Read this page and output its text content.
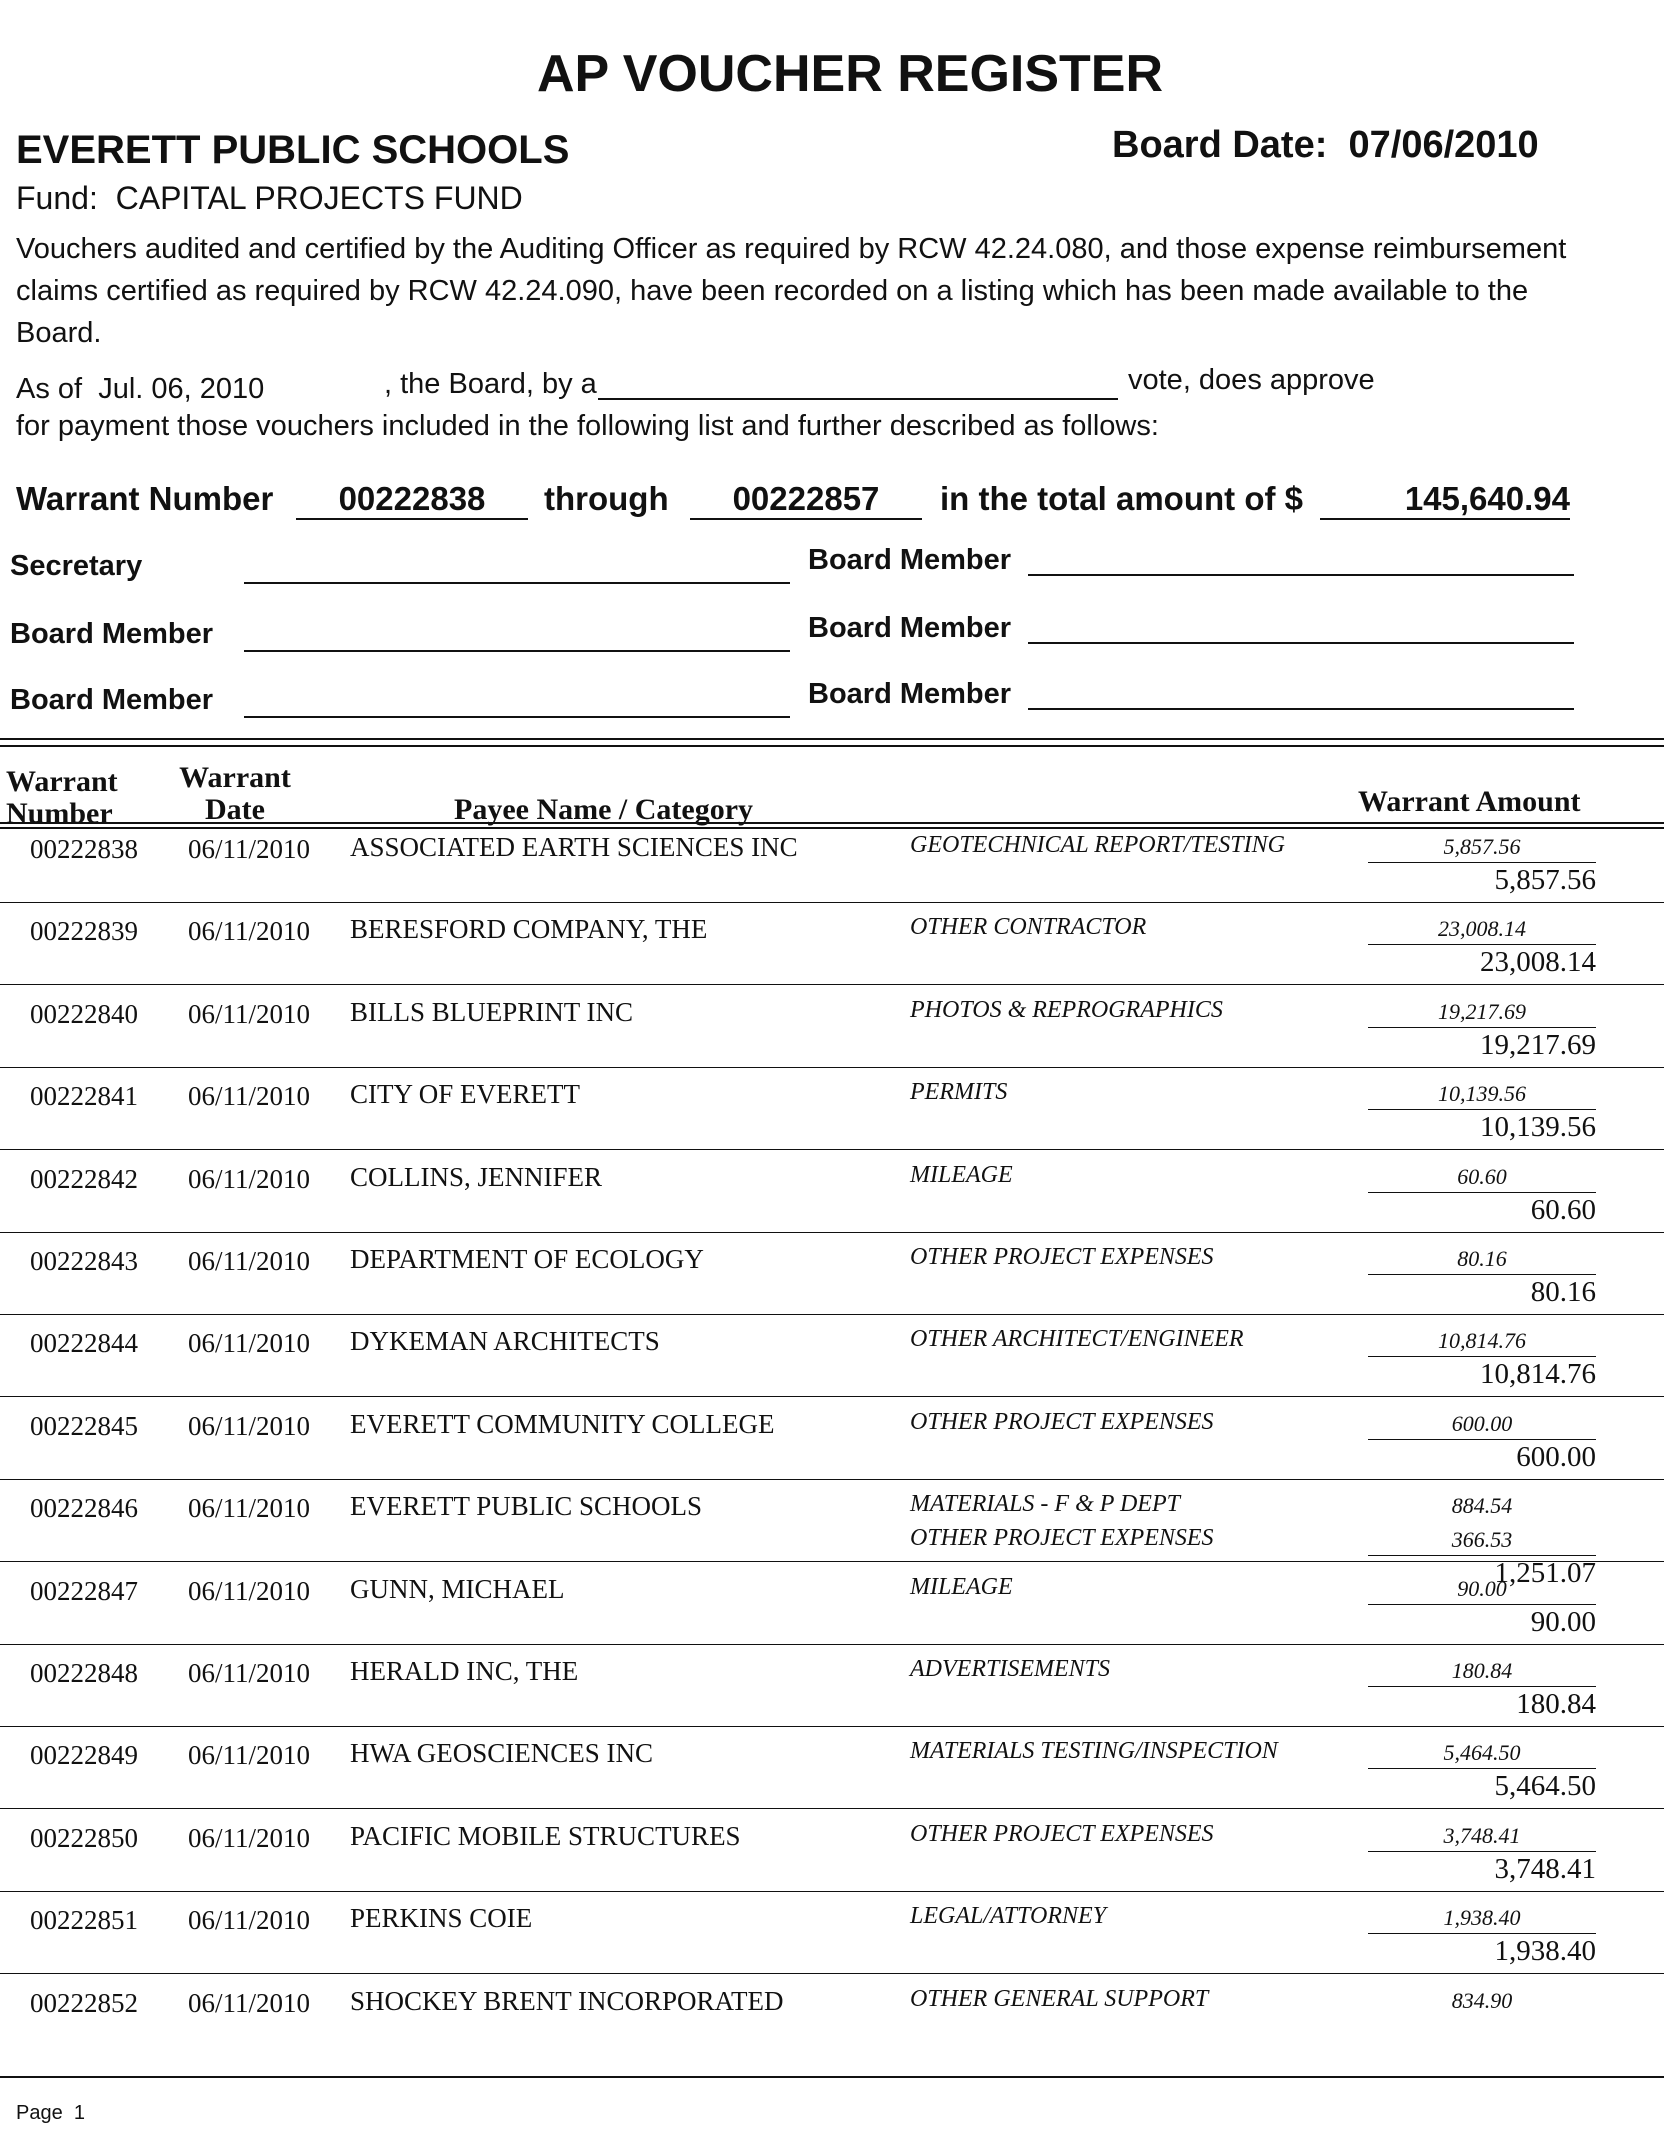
AP VOUCHER REGISTER
EVERETT PUBLIC SCHOOLS	Board Date: 07/06/2010
Fund: CAPITAL PROJECTS FUND
Vouchers audited and certified by the Auditing Officer as required by RCW 42.24.080, and those expense reimbursement claims certified as required by RCW 42.24.090, have been recorded on a listing which has been made available to the Board.
As of Jul. 06, 2010	, the Board, by a	vote, does approve
for payment those vouchers included in the following list and further described as follows:
Warrant Number	00222838	through	00222857	in the total amount of $	145,640.94
Secretary	Board Member
Board Member	Board Member
Board Member	Board Member
Warrant
Number
Warrant
Date	Payee Name / Category	Warrant Amount
00222838 06/11/2010 ASSOCIATED EARTH SCIENCES INC	GEOTECHNICAL REPORT/TESTING	5,857.56
5,857.56
00222839 06/11/2010 BERESFORD COMPANY, THE	OTHER CONTRACTOR	23,008.14
23,008.14
00222840 06/11/2010 BILLS BLUEPRINT INC	PHOTOS & REPROGRAPHICS	19,217.69
19,217.69
00222841 06/11/2010 CITY OF EVERETT	PERMITS	10,139.56
10,139.56
00222842 06/11/2010 COLLINS, JENNIFER	MILEAGE	60.60
60.60
00222843 06/11/2010 DEPARTMENT OF ECOLOGY	OTHER PROJECT EXPENSES	80.16
80.16
00222844 06/11/2010 DYKEMAN ARCHITECTS	OTHER ARCHITECT/ENGINEER	10,814.76
10,814.76
00222845 06/11/2010 EVERETT COMMUNITY COLLEGE	OTHER PROJECT EXPENSES	600.00
600.00
00222846 06/11/2010 EVERETT PUBLIC SCHOOLS	MATERIALS - F & P DEPT	884.54
OTHER PROJECT EXPENSES	366.53
1,251.07
00222847 06/11/2010 GUNN, MICHAEL	MILEAGE	90.00
90.00
00222848 06/11/2010 HERALD INC, THE	ADVERTISEMENTS	180.84
180.84
00222849 06/11/2010 HWA GEOSCIENCES INC	MATERIALS TESTING/INSPECTION	5,464.50
5,464.50
00222850 06/11/2010 PACIFIC MOBILE STRUCTURES	OTHER PROJECT EXPENSES	3,748.41
3,748.41
00222851 06/11/2010 PERKINS COIE	LEGAL/ATTORNEY	1,938.40
1,938.40
00222852 06/11/2010 SHOCKEY BRENT INCORPORATED	OTHER GENERAL SUPPORT	834.90
Page 1
